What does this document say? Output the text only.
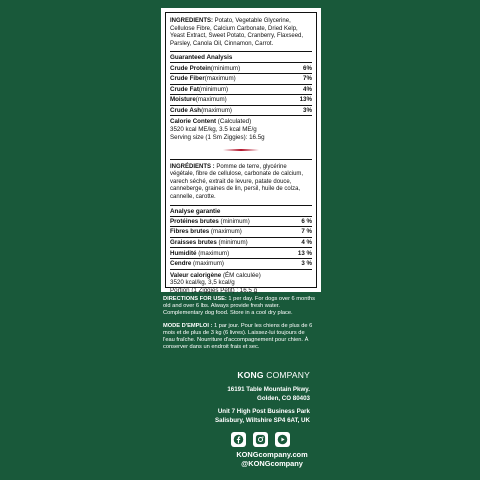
INGREDIENTS: Potato, Vegetable Glycerine, Cellulose Fibre, Calcium Carbonate, Dried Kelp, Yeast Extract, Sweet Potato, Cranberry, Flaxseed, Parsley, Canola Oil, Cinnamon, Carrot.

Guaranteed Analysis
Crude Protein(minimum)	6%
Crude Fiber(maximum)	7%
Crude Fat(minimum)	4%
Moisture(maximum)	13%
Crude Ash(maximum)	3%
Calorie Content (Calculated)
3520 kcal ME/kg, 3.5 kcal ME/g
Serving size (1 Sm Ziggies): 16.5g

INGRÉDIENTS : Pomme de terre, glycérine végétale, fibre de cellulose, carbonate de calcium, varech séché, extrait de levure, patate douce, canneberge, graines de lin, persil, huile de colza, cannelle, carotte.

Analyse garantie
Protéines brutes (minimum)	6 %
Fibres brutes (maximum)	7 %
Graisses brutes (minimum)	4 %
Humidité (maximum)	13 %
Cendre (maximum)	3 %
Valeur calorigène (ÉM calculée)
3520 kcal/kg, 3,5 kcal/g
Portion (1 Ziggies Petit) : 16,5 g

DIRECTIONS FOR USE: 1 per day. For dogs over 6 months old and over 6 lbs. Always provide fresh water. Complementary dog food. Store in a cool dry place.

MODE D'EMPLOI : 1 par jour. Pour les chiens de plus de 6 mois et de plus de 3 kg (6 livres). Laissez-lui toujours de l'eau fraîche. Nourriture d'accompagnement pour chien. À conserver dans un endroit frais et sec.

KONG COMPANY
16191 Table Mountain Pkwy.
Golden, CO 80403
Unit 7 High Post Business Park
Salisbury, Wiltshire SP4 6AT, UK
KONGcompany.com
@KONGcompany
